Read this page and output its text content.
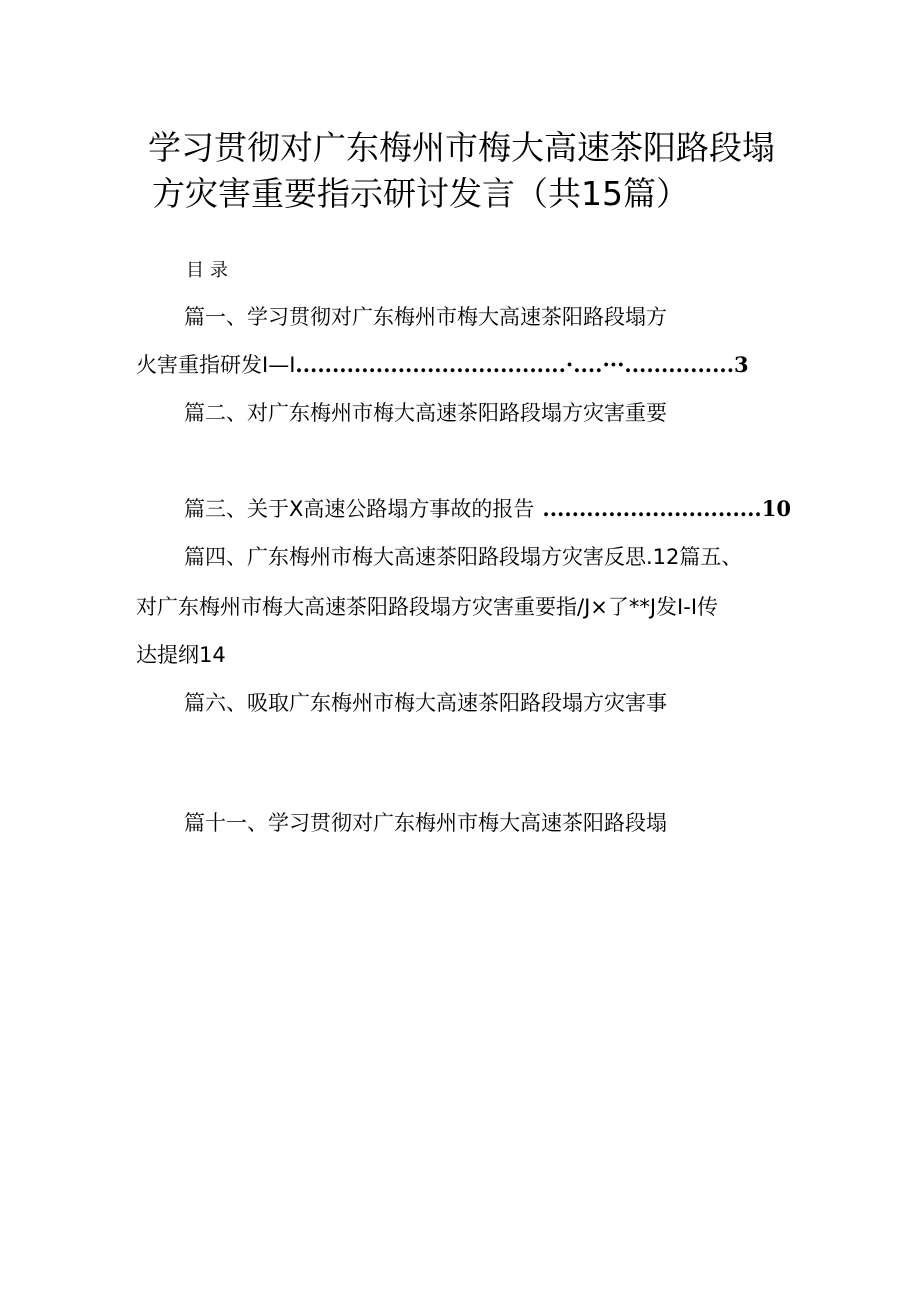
学习贯彻对广东梅州市梅大高速茶阳路段塌
方灾害重要指示研讨发言（共15篇）
目录
篇一、学习贯彻对广东梅州市梅大高速茶阳路段塌方
火害重指研发I—I.....................................·....···...............3
篇二、对广东梅州市梅大高速茶阳路段塌方灾害重要
篇三、关于X高速公路塌方事故的报告 ..............................10
篇四、广东梅州市梅大高速茶阳路段塌方灾害反思.12篇五、
对广东梅州市梅大高速茶阳路段塌方灾害重要指/J×了**J发I-I传
达提纲14
篇六、吸取广东梅州市梅大高速茶阳路段塌方灾害事
篇十一、学习贯彻对广东梅州市梅大高速茶阳路段塌
